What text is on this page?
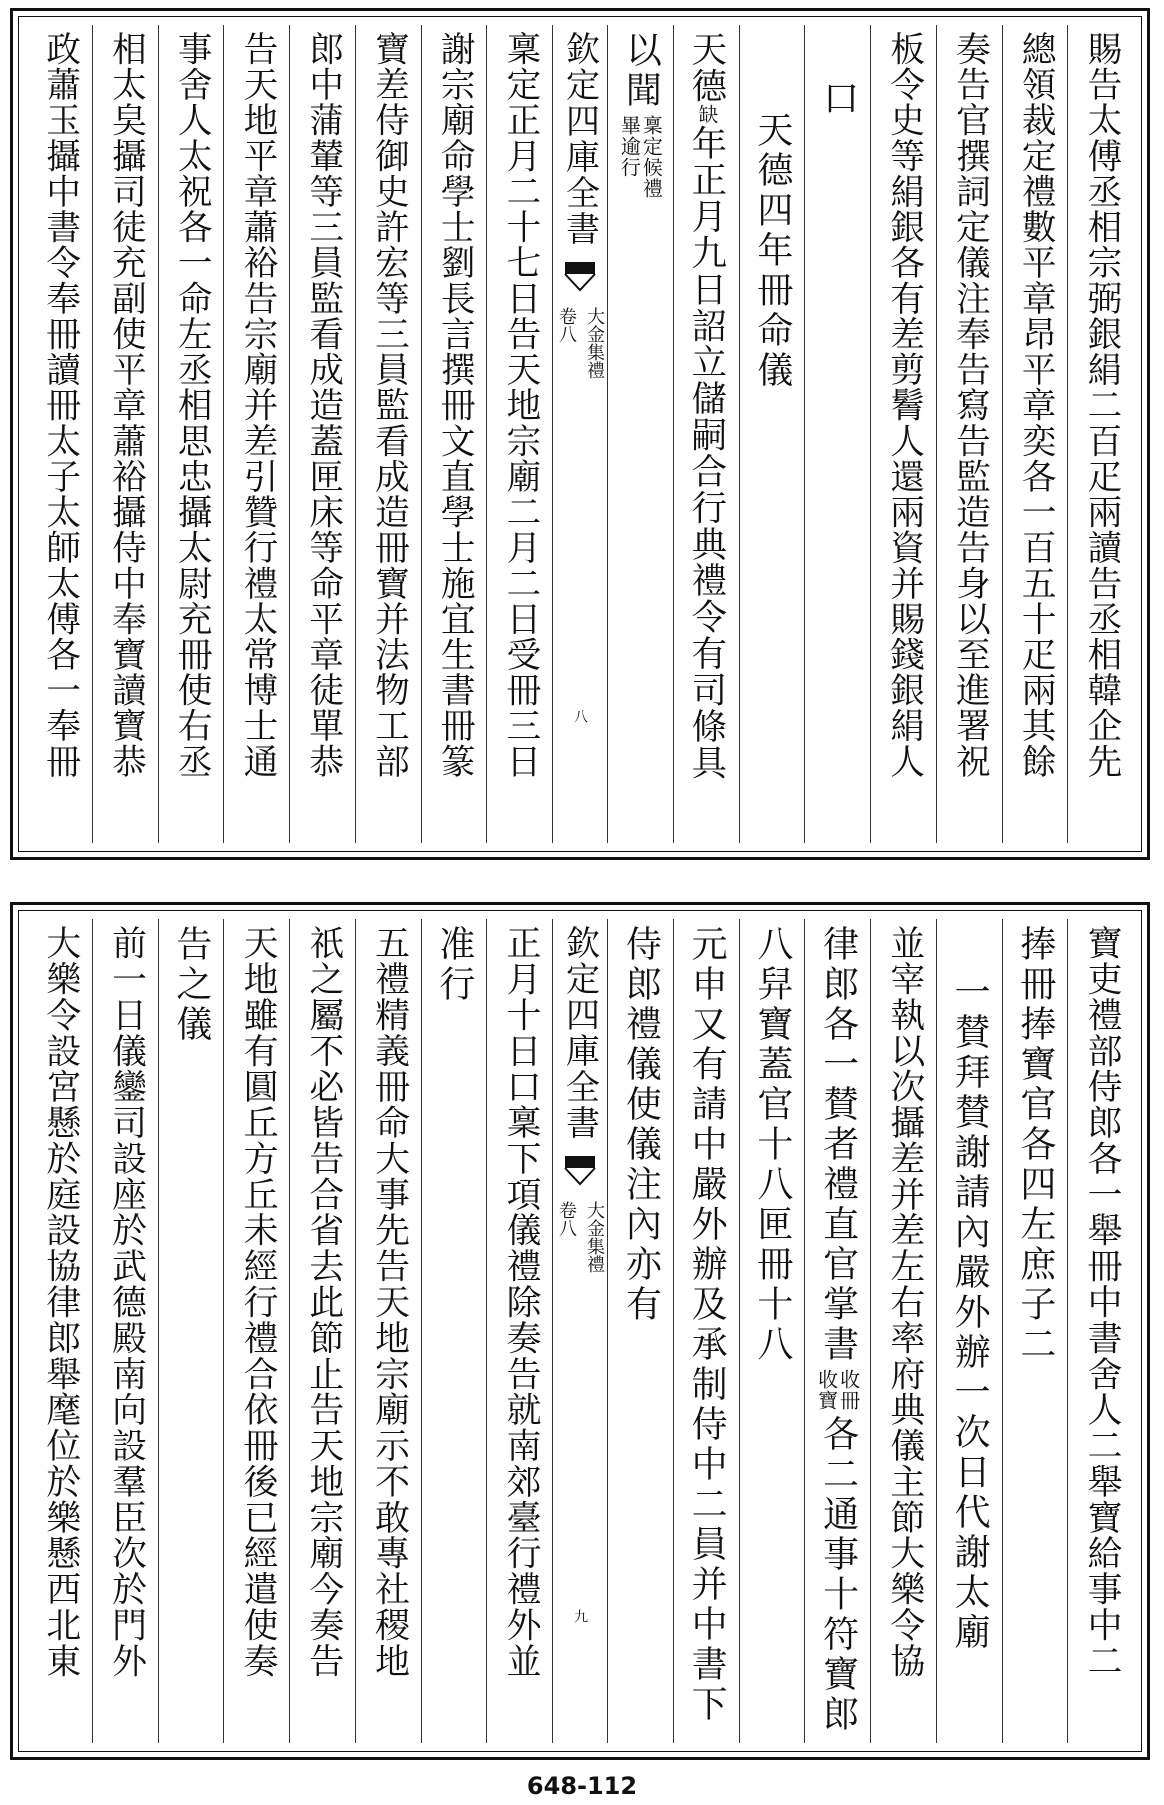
賜告太傅丞相宗弼銀絹二百疋兩讀告丞相韓企先
總領裁定禮數平章昂平章奕各一百五十疋兩其餘
奏告官撰詞定儀注奉告寫告監造告身以至進署祝
板令史等絹銀各有差剪鬌人還兩資并賜錢銀絹人
口
天德四年冊命儀
天德
缺
年正月九日詔立儲嗣合行典禮令有司條具
以聞
稟定候禮
畢逾行
欽定四庫全書
大金集禮
卷八
八
稟定正月二十七日告天地宗廟二月二日受冊三日
謝宗廟命學士劉長言撰冊文直學士施宜生書冊篆
寶差侍御史許宏等三員監看成造冊寶并法物工部
郎中蒲輦等三員監看成造蓋匣床等命平章徒單恭
告天地平章蕭裕告宗廟并差引贊行禮太常博士通
事舍人太祝各一命左丞相思忠攝太尉充冊使右丞
相太㚖攝司徒充副使平章蕭裕攝侍中奉寶讀寶恭
政蕭玉攝中書令奉冊讀冊太子太師太傅各一奉冊
寶吏禮部侍郎各一舉冊中書舍人二舉寶給事中二
捧冊捧寶官各四左庶子二
一賛拜賛謝請內嚴外辦一次日代謝太廟
並宰執以次攝差并差左右率府典儀主節大樂令協
律郎各一賛者禮直官掌書
收冊
收寶
各二通事十符寶郎
八舁寶蓋官十八匣冊十八
元申又有請中嚴外辦及承制侍中二員并中書下
侍郎禮儀使儀注內亦有
欽定四庫全書
大金集禮
卷八
九
正月十日口稟下項儀禮除奏告就南郊臺行禮外並
准行
五禮精義冊命大事先告天地宗廟示不敢專社稷地
祇之屬不必皆告合省去此節止告天地宗廟今奏告
天地雖有圓丘方丘未經行禮合依冊後已經遣使奏
告之儀
前一日儀鑾司設座於武德殿南向設羣臣次於門外
大樂令設宮懸於庭設協律郎舉麾位於樂懸西北東
648-112
